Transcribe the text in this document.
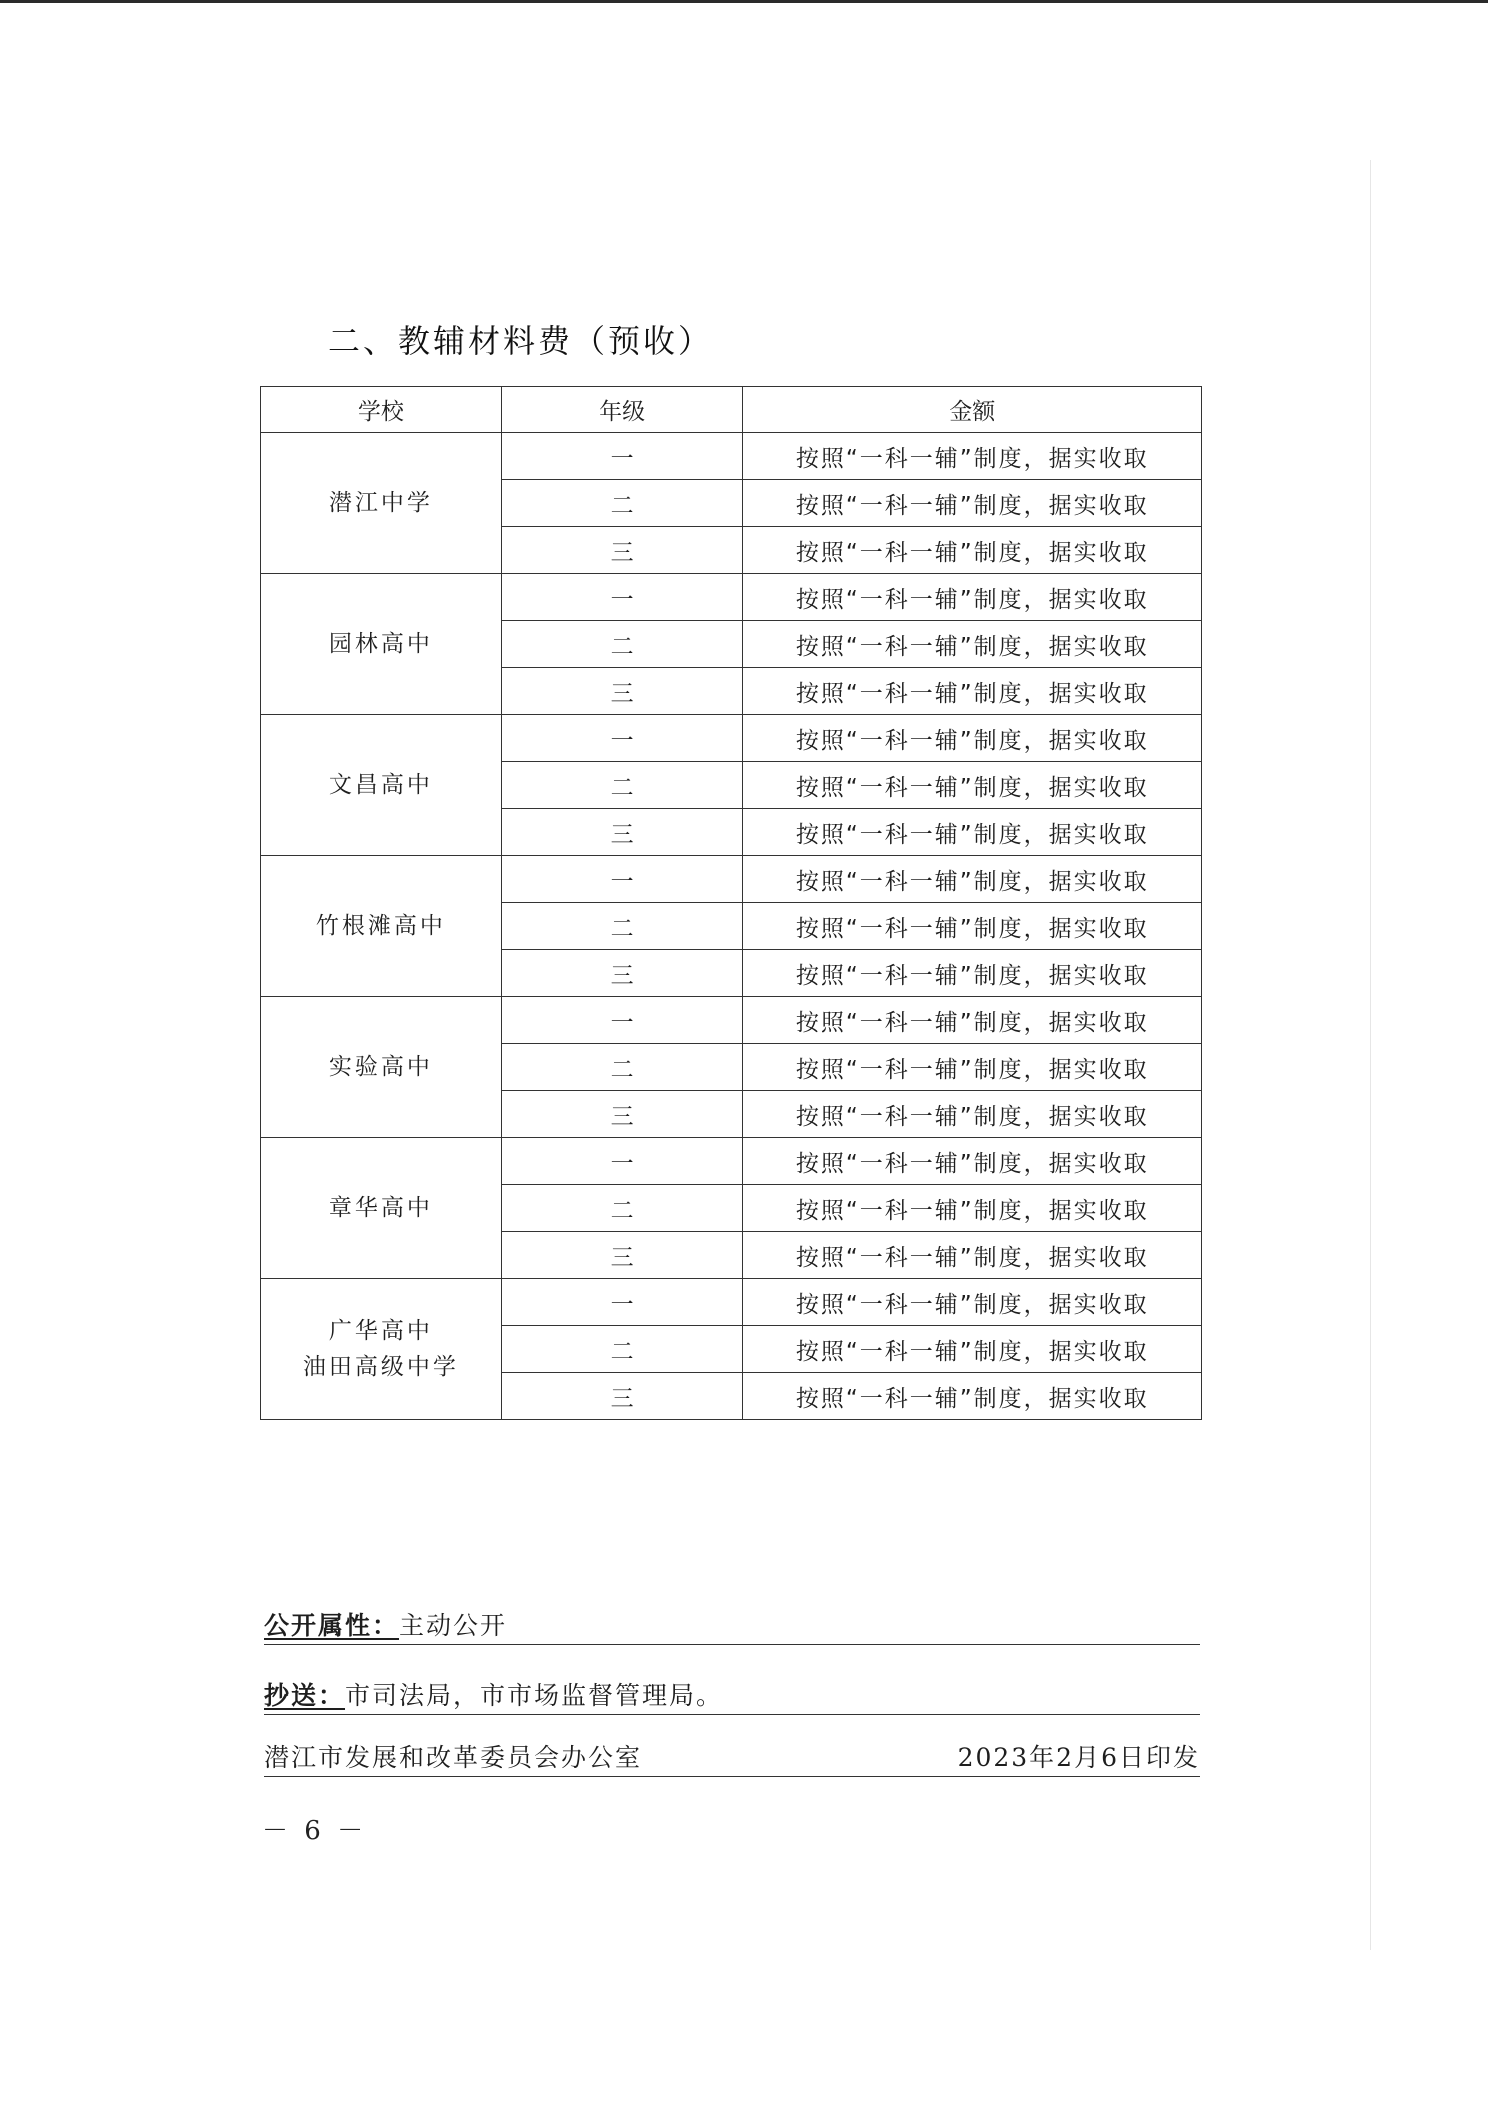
二、教辅材料费（预收）
学校	年级	金额
潜江中学	一	按照“一科一辅”制度，据实收取
	二	按照“一科一辅”制度，据实收取
	三	按照“一科一辅”制度，据实收取
园林高中	一	按照“一科一辅”制度，据实收取
	二	按照“一科一辅”制度，据实收取
	三	按照“一科一辅”制度，据实收取
文昌高中	一	按照“一科一辅”制度，据实收取
	二	按照“一科一辅”制度，据实收取
	三	按照“一科一辅”制度，据实收取
竹根滩高中	一	按照“一科一辅”制度，据实收取
	二	按照“一科一辅”制度，据实收取
	三	按照“一科一辅”制度，据实收取
实验高中	一	按照“一科一辅”制度，据实收取
	二	按照“一科一辅”制度，据实收取
	三	按照“一科一辅”制度，据实收取
章华高中	一	按照“一科一辅”制度，据实收取
	二	按照“一科一辅”制度，据实收取
	三	按照“一科一辅”制度，据实收取
广华高中
油田高级中学	一	按照“一科一辅”制度，据实收取
	二	按照“一科一辅”制度，据实收取
	三	按照“一科一辅”制度，据实收取
公开属性：主动公开
抄送：市司法局，市市场监督管理局。
潜江市发展和改革委员会办公室	2023年2月6日印发
－ 6 －
